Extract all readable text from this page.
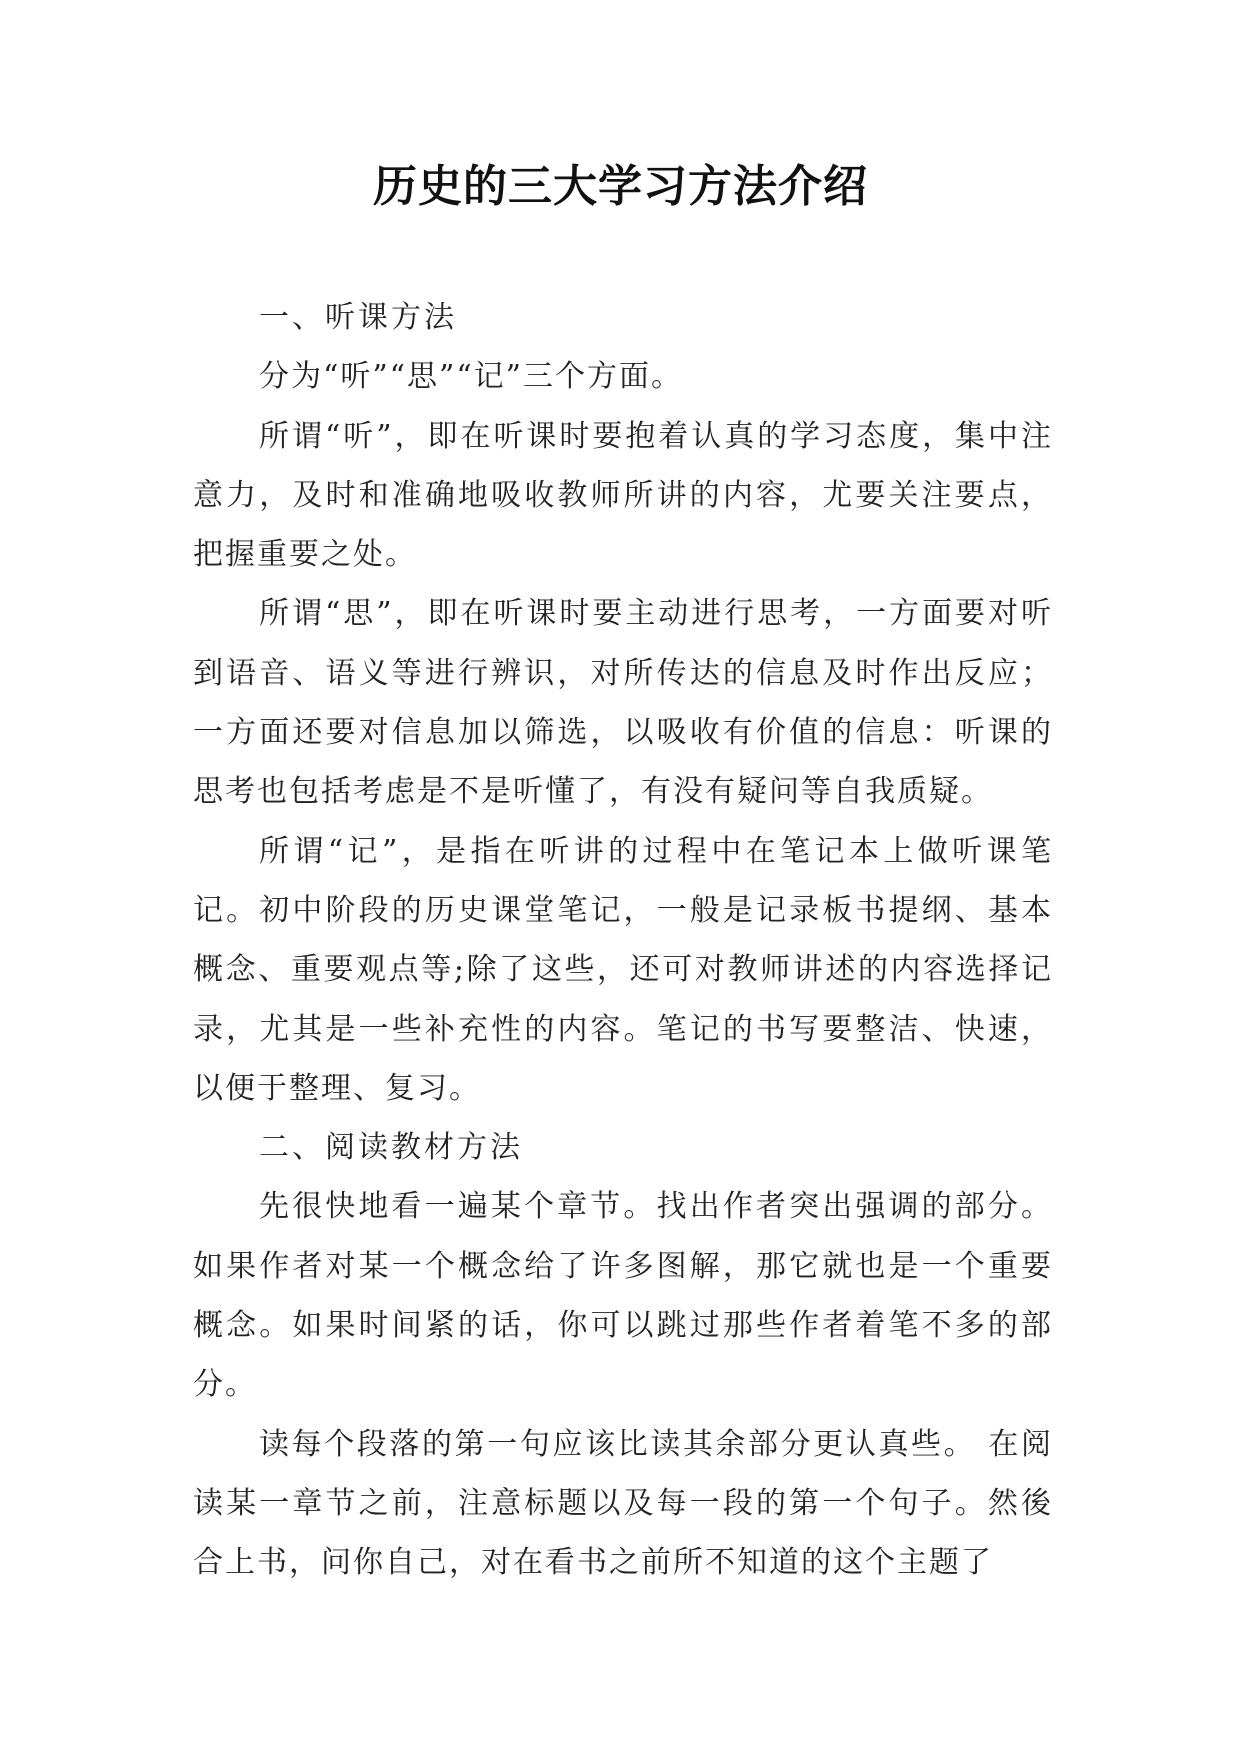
历史的三大学习方法介绍

一、听课方法

分为“听”“思”“记”三个方面。

所谓“听”，即在听课时要抱着认真的学习态度，集中注意力，及时和准确地吸收教师所讲的内容，尤要关注要点，把握重要之处。

所谓“思”，即在听课时要主动进行思考，一方面要对听到语音、语义等进行辨识，对所传达的信息及时作出反应；一方面还要对信息加以筛选，以吸收有价值的信息：听课的思考也包括考虑是不是听懂了，有没有疑问等自我质疑。

所谓“记”，是指在听讲的过程中在笔记本上做听课笔记。初中阶段的历史课堂笔记，一般是记录板书提纲、基本概念、重要观点等;除了这些，还可对教师讲述的内容选择记录，尤其是一些补充性的内容。笔记的书写要整洁、快速，以便于整理、复习。

二、阅读教材方法

先很快地看一遍某个章节。找出作者突出强调的部分。如果作者对某一个概念给了许多图解，那它就也是一个重要概念。如果时间紧的话，你可以跳过那些作者着笔不多的部分。

读每个段落的第一句应该比读其余部分更认真些。 在阅读某一章节之前，注意标题以及每一段的第一个句子。然後合上书，问你自己，对在看书之前所不知道的这个主题了
